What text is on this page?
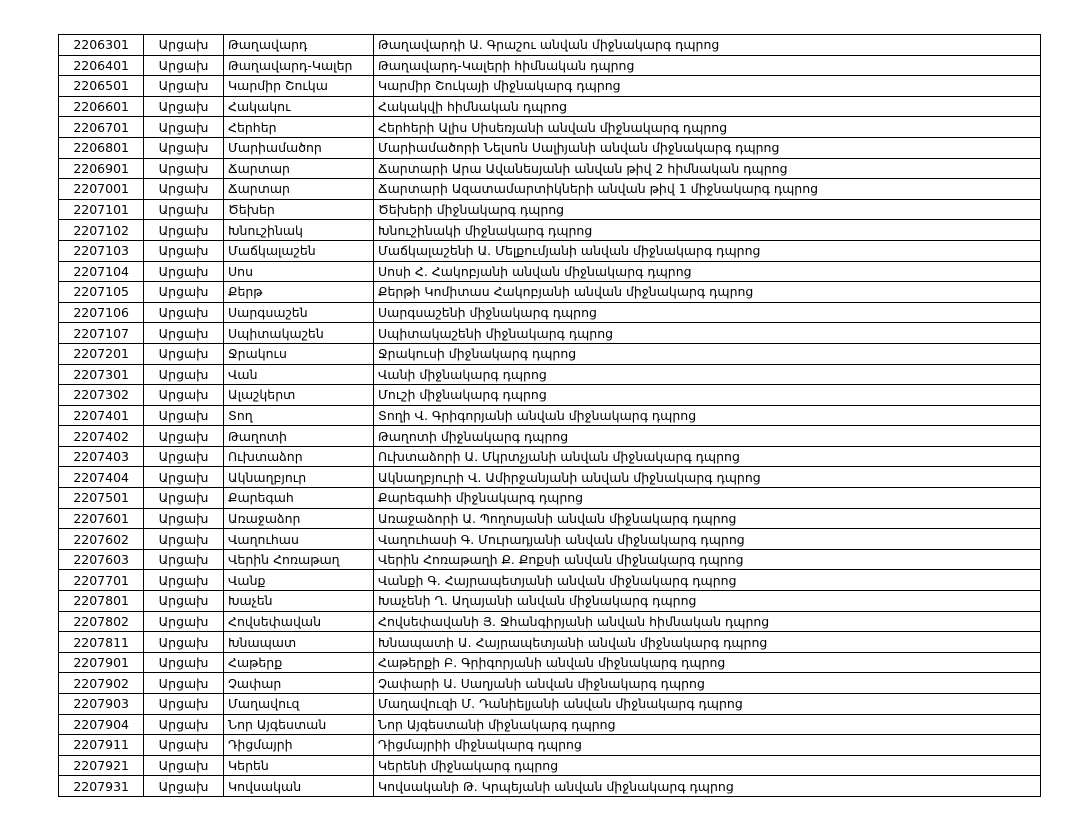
2206301	Արցախ	Թաղավարդ	Թաղավարդի Ա. Գրաշու անվան միջնակարգ դպրոց
2206401	Արցախ	Թաղավարդ-Կալեր	Թաղավարդ-Կալերի հիմնական դպրոց
2206501	Արցախ	Կարմիր Շուկա	Կարմիր Շուկայի միջնակարգ դպրոց
2206601	Արցախ	Հակակու	Հակակվի հիմնական դպրոց
2206701	Արցախ	Հերհեր	Հերհերի Ալիս Սիսեռյանի անվան միջնակարգ դպրոց
2206801	Արցախ	Մարիամածոր	Մարիամածորի Նելսոն Սալիյանի անվան միջնակարգ դպրոց
2206901	Արցախ	Ճարտար	Ճարտարի Արա Ավանեսյանի անվան թիվ 2 հիմնական դպրոց
2207001	Արցախ	Ճարտար	Ճարտարի Ազատամարտիկների անվան թիվ 1 միջնակարգ դպրոց
2207101	Արցախ	Ծեխեր	Ծեխերի միջնակարգ դպրոց
2207102	Արցախ	Խնուշինակ	Խնուշինակի միջնակարգ դպրոց
2207103	Արցախ	Մաճկալաշեն	Մաճկալաշենի Ա. Մելքումյանի անվան միջնակարգ դպրոց
2207104	Արցախ	Սոս	Սոսի Հ. Հակոբյանի անվան միջնակարգ դպրոց
2207105	Արցախ	Քերթ	Քերթի Կոմիտաս Հակոբյանի անվան միջնակարգ դպրոց
2207106	Արցախ	Սարգսաշեն	Սարգսաշենի միջնակարգ դպրոց
2207107	Արցախ	Սպիտակաշեն	Սպիտակաշենի միջնակարգ դպրոց
2207201	Արցախ	Ջրակուս	Ջրակուսի միջնակարգ դպրոց
2207301	Արցախ	Վան	Վանի միջնակարգ դպրոց
2207302	Արցախ	Ալաշկերտ	Մուշի միջնակարգ դպրոց
2207401	Արցախ	Տող	Տողի Վ. Գրիգորյանի անվան միջնակարգ դպրոց
2207402	Արցախ	Թաղոտի	Թաղոտի միջնակարգ դպրոց
2207403	Արցախ	Ուխտաձոր	Ուխտաձորի Ա. Մկրտչյանի անվան միջնակարգ դպրոց
2207404	Արցախ	Ակնաղբյուր	Ակնաղբյուրի Վ. Ամիրջանյանի անվան միջնակարգ դպրոց
2207501	Արցախ	Քարեգահ	Քարեգահի միջնակարգ դպրոց
2207601	Արցախ	Առաջաձոր	Առաջաձորի Ա. Պողոսյանի անվան միջնակարգ դպրոց
2207602	Արցախ	Վաղուհաս	Վաղուհասի Գ. Մուրադյանի անվան միջնակարգ դպրոց
2207603	Արցախ	Վերին Հոռաթաղ	Վերին Հոռաթաղի Ք. Քոքսի անվան միջնակարգ դպրոց
2207701	Արցախ	Վանք	Վանքի Գ. Հայրապետյանի անվան միջնակարգ դպրոց
2207801	Արցախ	Խաչեն	Խաչենի Ղ. Աղայանի անվան միջնակարգ դպրոց
2207802	Արցախ	Հովսեփավան	Հովսեփավանի Յ. Ջհանգիրյանի անվան հիմնական դպրոց
2207811	Արցախ	Խնապատ	Խնապատի Ա. Հայրապետյանի անվան միջնակարգ դպրոց
2207901	Արցախ	Հաթերք	Հաթերքի Բ. Գրիգորյանի անվան միջնակարգ դպրոց
2207902	Արցախ	Չափար	Չափարի Ա. Սաղյանի անվան միջնակարգ դպրոց
2207903	Արցախ	Մաղավուզ	Մաղավուզի Մ. Դանիելյանի անվան միջնակարգ դպրոց
2207904	Արցախ	Նոր Այգեստան	Նոր Այգեստանի միջնակարգ դպրոց
2207911	Արցախ	Դիցմայրի	Դիցմայրիի միջնակարգ դպրոց
2207921	Արցախ	Կերեն	Կերենի միջնակարգ դպրոց
2207931	Արցախ	Կովսական	Կովսականի Թ. Կրպեյանի անվան միջնակարգ դպրոց
